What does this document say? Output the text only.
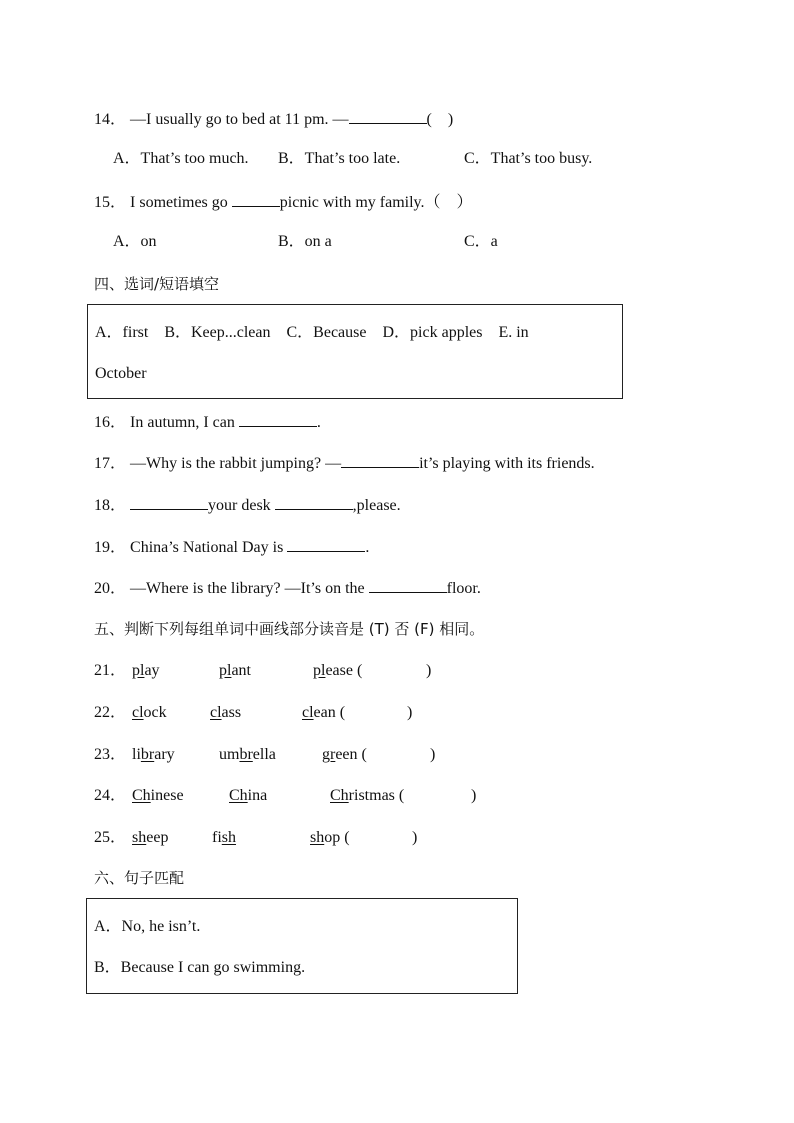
14． —I usually go to bed at 11 pm. —	(　)
A．That’s too much. B．That’s too late.	C．That’s too busy.
15． I sometimes go	picnic with my family.（　）
A．on	B．on a	C．a
四、选词/短语填空
A．first　B．Keep...clean　C．Because　D．pick apples　E. in
October
16． In autumn, I can	.
17． —Why is the rabbit jumping? —	it’s playing with its friends.
18．	your desk	,please.
19． China’s National Day is	.
20． —Where is the library? —It’s on the	floor.
五、判断下列每组单词中画线部分读音是 (T) 否 (F) 相同。
21． play	plant	please (	)
22． clock	class	clean (	)
23． library	umbrella	green (	)
24． Chinese	China	Christmas (	)
25． sheep	fish	shop (	)
六、句子匹配
A．No, he isn’t.
B．Because I can go swimming.
